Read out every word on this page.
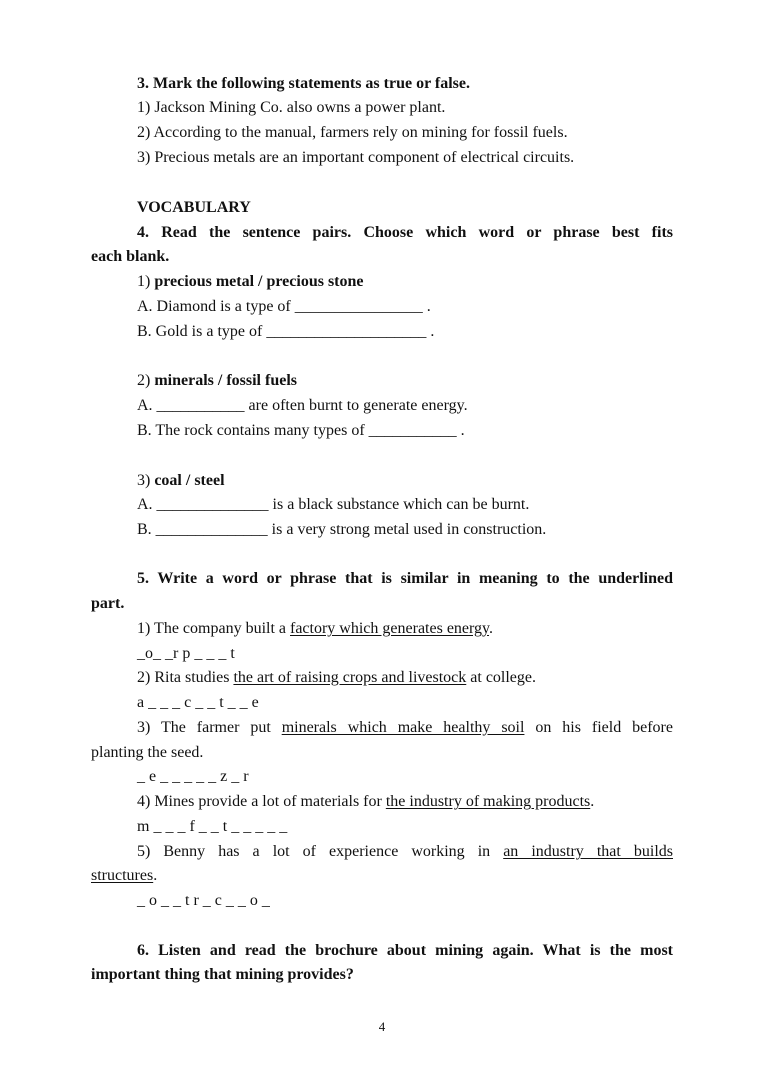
3. Mark the following statements as true or false.
1) Jackson Mining Co. also owns a power plant.
2) According to the manual, farmers rely on mining for fossil fuels.
3) Precious metals are an important component of electrical circuits.
VOCABULARY
4. Read the sentence pairs. Choose which word or phrase best fits
each blank.
1) precious metal / precious stone
A. Diamond is a type of ________________ .
B. Gold is a type of ____________________ .
2) minerals / fossil fuels
A. ___________ are often burnt to generate energy.
B. The rock contains many types of ___________ .
3) coal / steel
A. ______________ is a black substance which can be burnt.
B. ______________ is a very strong metal used in construction.
5. Write a word or phrase that is similar in meaning to the underlined
part.
1) The company built a factory which generates energy.
_o_ _r p _ _ _ t
2) Rita studies the art of raising crops and livestock at college.
a _ _ _ c _ _ t _ _ e
3) The farmer put minerals which make healthy soil on his field before
planting the seed.
_ e _ _ _ _ _ z _ r
4) Mines provide a lot of materials for the industry of making products.
m _ _ _ f _ _ t _ _ _ _ _
5) Benny has a lot of experience working in an industry that builds
structures.
_ o _ _ t r _ c _ _ o _
6. Listen and read the brochure about mining again. What is the most
important thing that mining provides?
4
